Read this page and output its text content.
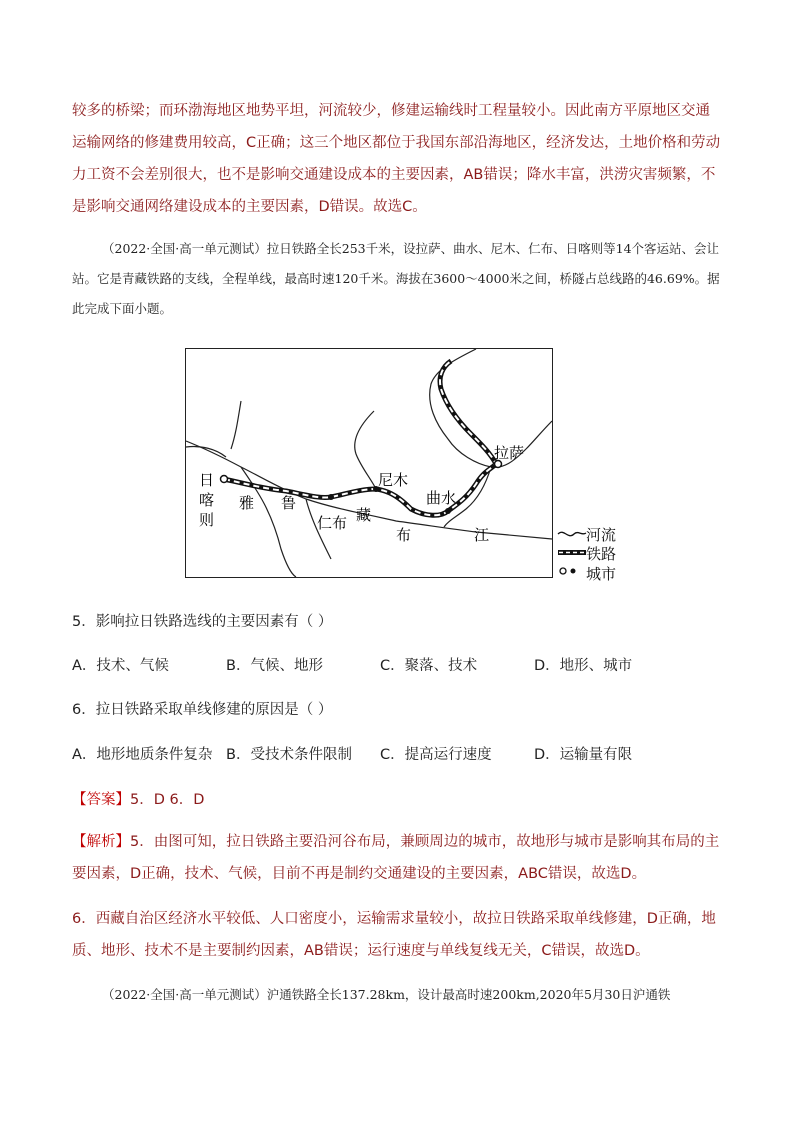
较多的桥梁；而环渤海地区地势平坦，河流较少，修建运输线时工程量较小。因此南方平原地区交通运输网络的修建费用较高，C正确；这三个地区都位于我国东部沿海地区，经济发达，土地价格和劳动力工资不会差别很大，也不是影响交通建设成本的主要因素，AB错误；降水丰富，洪涝灾害频繁，不是影响交通网络建设成本的主要因素，D错误。故选C。
（2022·全国·高一单元测试）拉日铁路全长253千米，设拉萨、曲水、尼木、仁布、日喀则等14个客运站、会让站。它是青藏铁路的支线，全程单线，最高时速120千米。海拔在3600～4000米之间，桥隧占总线路的46.69%。据此完成下面小题。
日
喀
则
雅 鲁
仁布 藏
尼木
布
曲水
江
拉萨
河流
铁路
城市
5．影响拉日铁路选线的主要因素有（ ）
A．技术、气候	B．气候、地形	C．聚落、技术	D．地形、城市
6．拉日铁路采取单线修建的原因是（ ）
A．地形地质条件复杂 B．受技术条件限制 C．提高运行速度	D．运输量有限
【答案】5．D 6．D
【解析】5．由图可知，拉日铁路主要沿河谷布局，兼顾周边的城市，故地形与城市是影响其布局的主要因素，D正确，技术、气候，目前不再是制约交通建设的主要因素，ABC错误，故选D。
6．西藏自治区经济水平较低、人口密度小，运输需求量较小，故拉日铁路采取单线修建，D正确，地质、地形、技术不是主要制约因素，AB错误；运行速度与单线复线无关，C错误，故选D。
（2022·全国·高一单元测试）沪通铁路全长137.28km，设计最高时速200km,2020年5月30日沪通铁
